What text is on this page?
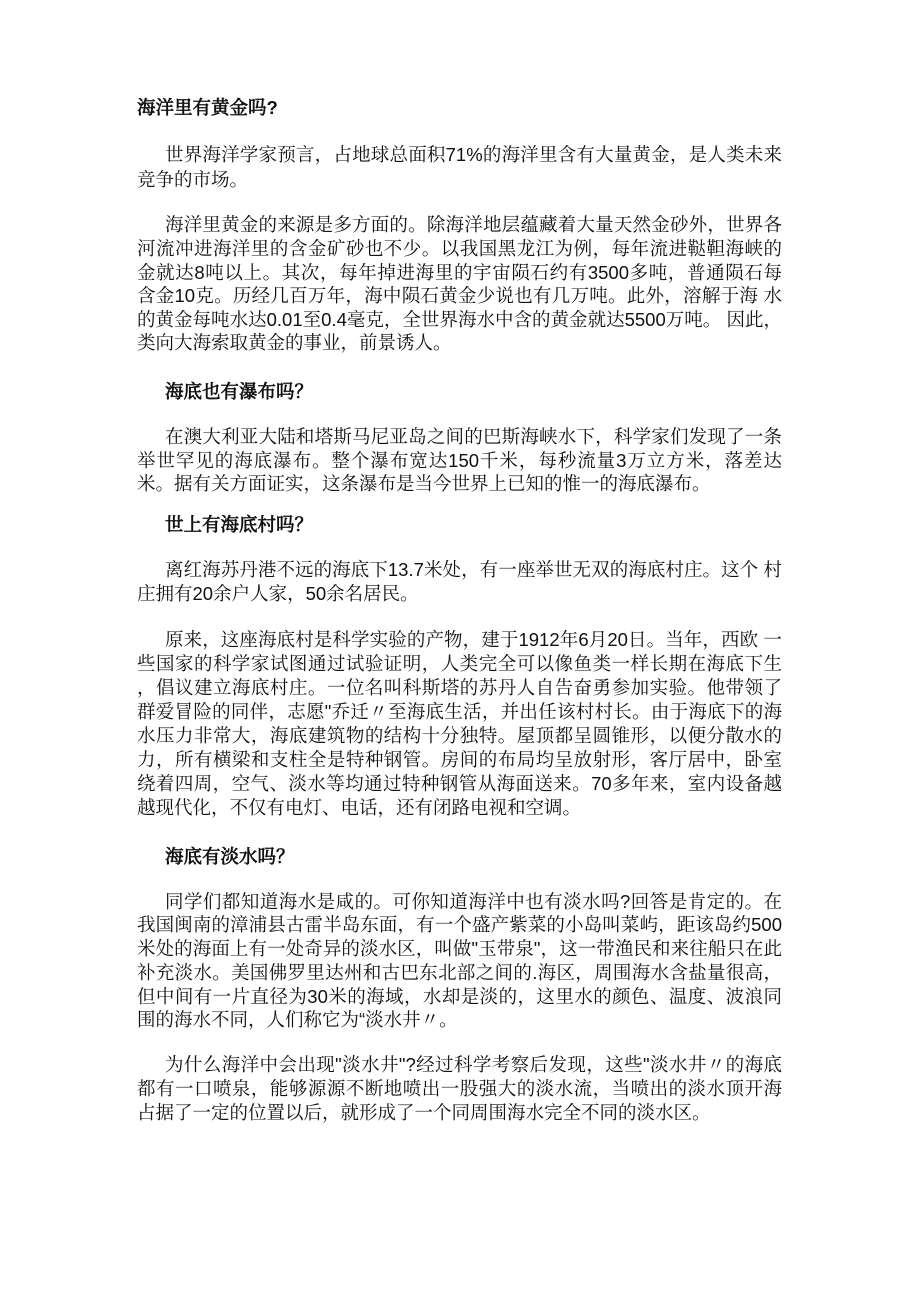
海洋里有黄金吗?
世界海洋学家预言，占地球总面积71%的海洋里含有大量黄金，是人类未来
竞争的市场。
海洋里黄金的来源是多方面的。除海洋地层蕴藏着大量天然金砂外，世界各
河流冲进海洋里的含金矿砂也不少。以我国黑龙江为例，每年流进鞑靼海峡的
金就达8吨以上。其次，每年掉进海里的宇宙陨石约有3500多吨，普通陨石每
含金10克。历经几百万年，海中陨石黄金少说也有几万吨。此外，溶解于海 水
的黄金每吨水达0.01至0.4毫克，全世界海水中含的黄金就达5500万吨。 因此，
类向大海索取黄金的事业，前景诱人。
海底也有瀑布吗？
在澳大利亚大陆和塔斯马尼亚岛之间的巴斯海峡水下，科学家们发现了一条
举世罕见的海底瀑布。整个瀑布宽达150千米，每秒流量3万立方米，落差达
米。据有关方面证实，这条瀑布是当今世界上已知的惟一的海底瀑布。
世上有海底村吗？
离红海苏丹港不远的海底下13.7米处，有一座举世无双的海底村庄。这个 村
庄拥有20余户人家，50余名居民。
原来，这座海底村是科学实验的产物，建于1912年6月20日。当年，西欧 一
些国家的科学家试图通过试验证明，人类完全可以像鱼类一样长期在海底下生
，倡议建立海底村庄。一位名叫科斯塔的苏丹人自告奋勇参加实验。他带领了
群爱冒险的同伴，志愿"乔迁〃至海底生活，并出任该村村长。由于海底下的海
水压力非常大，海底建筑物的结构十分独特。屋顶都呈圆锥形，以便分散水的
力，所有横梁和支柱全是特种钢管。房间的布局均呈放射形，客厅居中，卧室
绕着四周，空气、淡水等均通过特种钢管从海面送来。70多年来，室内设备越
越现代化，不仅有电灯、电话，还有闭路电视和空调。
海底有淡水吗？
同学们都知道海水是咸的。可你知道海洋中也有淡水吗?回答是肯定的。在
我国闽南的漳浦县古雷半岛东面，有一个盛产紫菜的小岛叫菜屿，距该岛约500
米处的海面上有一处奇异的淡水区，叫做"玉带泉"，这一带渔民和来往船只在此
补充淡水。美国佛罗里达州和古巴东北部之间的.海区，周围海水含盐量很高，
但中间有一片直径为30米的海域，水却是淡的，这里水的颜色、温度、波浪同
围的海水不同，人们称它为“淡水井〃。
为什么海洋中会出现"淡水井"?经过科学考察后发现，这些"淡水井〃的海底
都有一口喷泉，能够源源不断地喷出一股强大的淡水流，当喷出的淡水顶开海
占据了一定的位置以后，就形成了一个同周围海水完全不同的淡水区。
